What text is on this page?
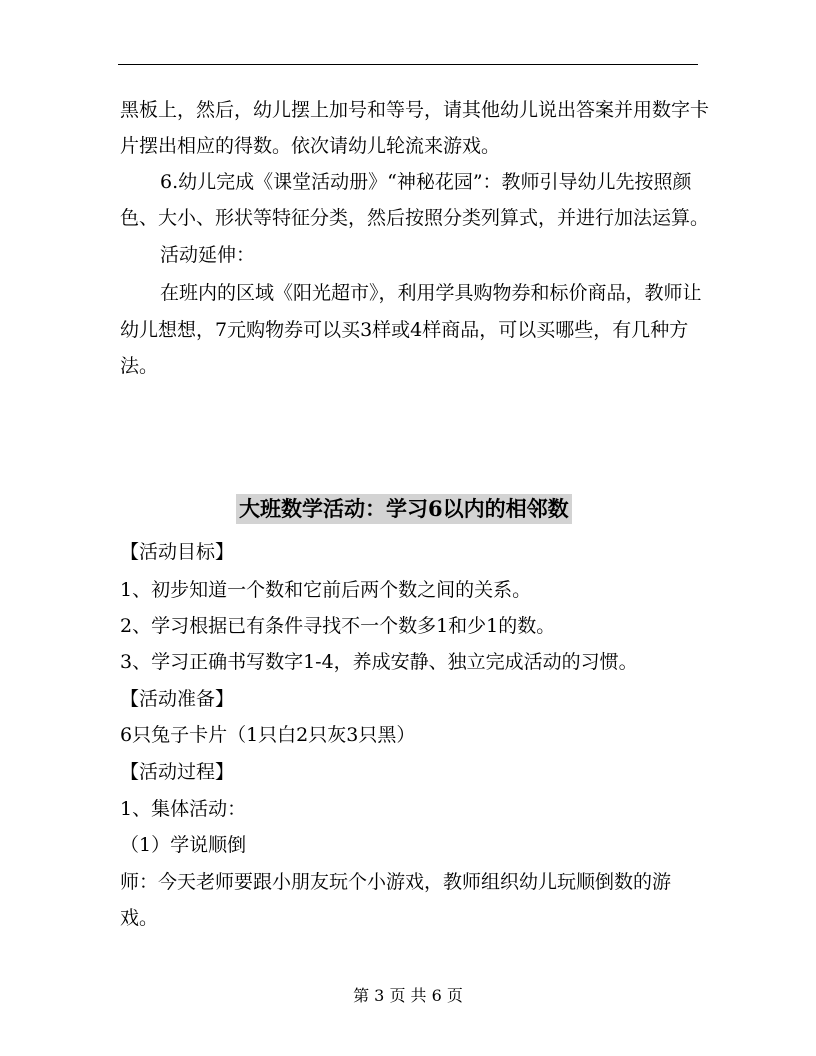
黑板上，然后，幼儿摆上加号和等号，请其他幼儿说出答案并用数字卡
片摆出相应的得数。依次请幼儿轮流来游戏。
6.幼儿完成《课堂活动册》“神秘花园”：教师引导幼儿先按照颜
色、大小、形状等特征分类，然后按照分类列算式，并进行加法运算。
活动延伸：
在班内的区域《阳光超市》，利用学具购物券和标价商品，教师让
幼儿想想，7元购物券可以买3样或4样商品，可以买哪些，有几种方
法。
大班数学活动：学习6以内的相邻数
【活动目标】
1、初步知道一个数和它前后两个数之间的关系。
2、学习根据已有条件寻找不一个数多1和少1的数。
3、学习正确书写数字1-4，养成安静、独立完成活动的习惯。
【活动准备】
6只兔子卡片（1只白2只灰3只黑）
【活动过程】
1、集体活动：
（1）学说顺倒
师：今天老师要跟小朋友玩个小游戏，教师组织幼儿玩顺倒数的游
戏。
第 3 页 共 6 页
